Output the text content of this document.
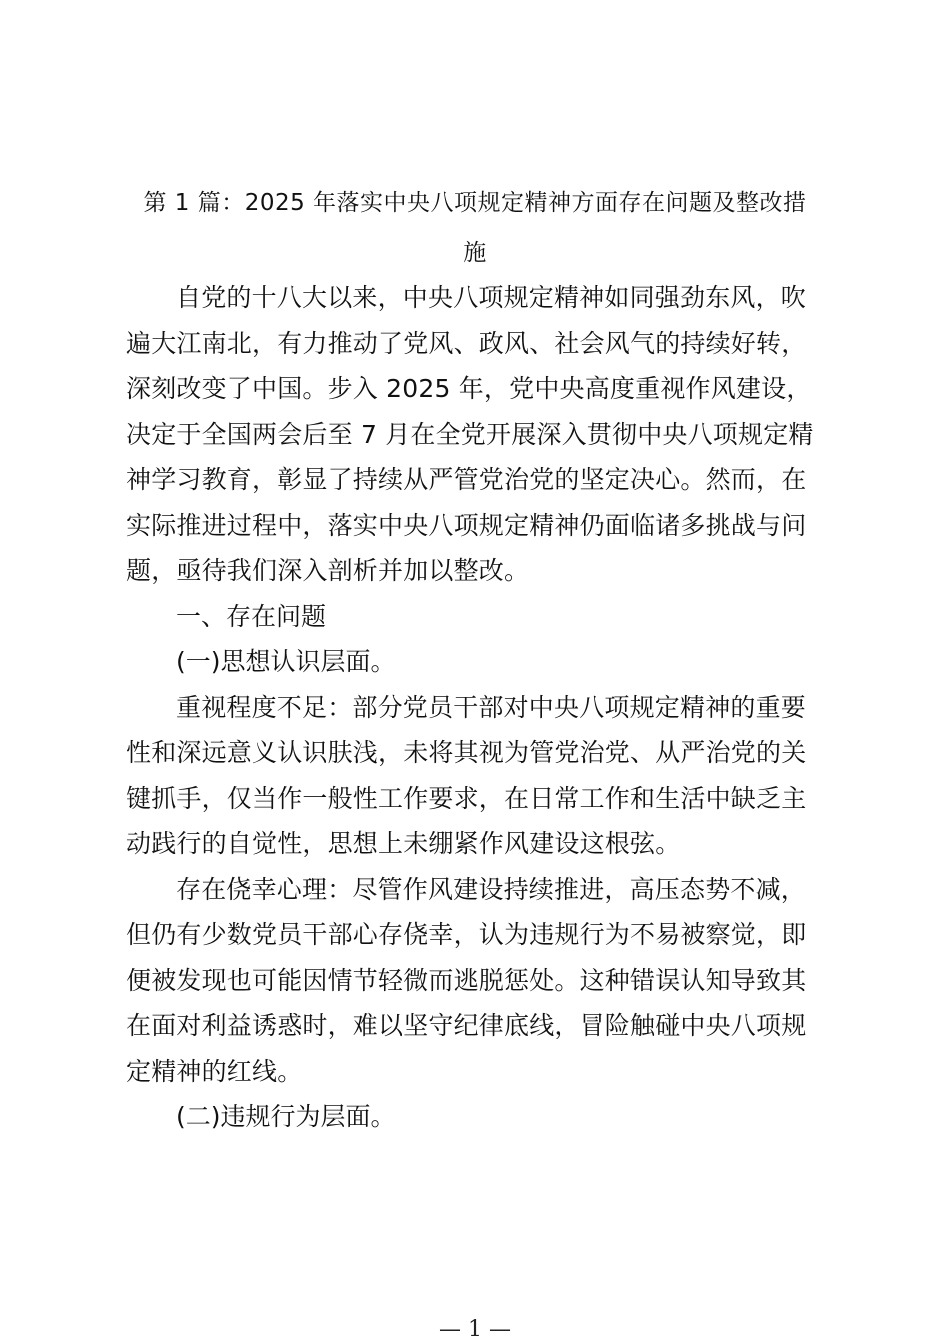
第 1 篇：2025 年落实中央八项规定精神方面存在问题及整改措
施
自党的十八大以来，中央八项规定精神如同强劲东风，吹
遍大江南北，有力推动了党风、政风、社会风气的持续好转，
深刻改变了中国。步入 2025 年，党中央高度重视作风建设，
决定于全国两会后至 7 月在全党开展深入贯彻中央八项规定精
神学习教育，彰显了持续从严管党治党的坚定决心。然而，在
实际推进过程中，落实中央八项规定精神仍面临诸多挑战与问
题，亟待我们深入剖析并加以整改。
一、存在问题
(一)思想认识层面。
重视程度不足：部分党员干部对中央八项规定精神的重要
性和深远意义认识肤浅，未将其视为管党治党、从严治党的关
键抓手，仅当作一般性工作要求，在日常工作和生活中缺乏主
动践行的自觉性，思想上未绷紧作风建设这根弦。
存在侥幸心理：尽管作风建设持续推进，高压态势不减，
但仍有少数党员干部心存侥幸，认为违规行为不易被察觉，即
便被发现也可能因情节轻微而逃脱惩处。这种错误认知导致其
在面对利益诱惑时，难以坚守纪律底线，冒险触碰中央八项规
定精神的红线。
(二)违规行为层面。
— 1 —
